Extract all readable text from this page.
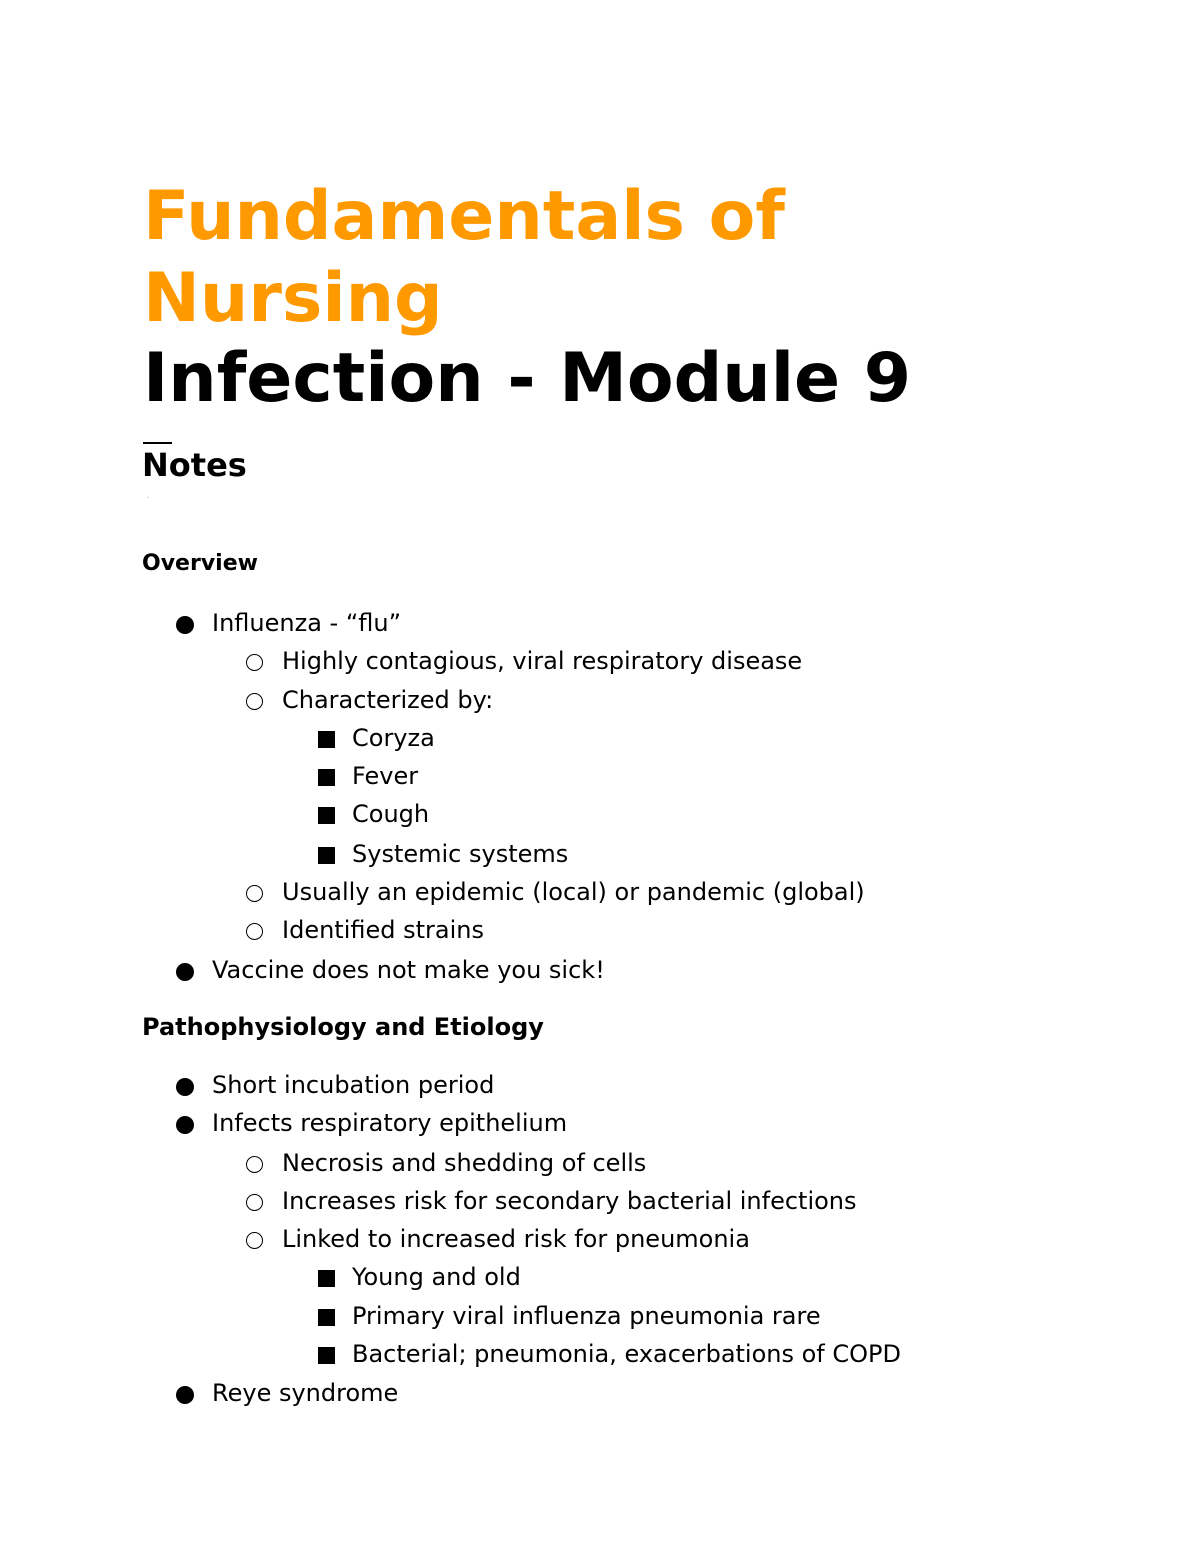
Fundamentals of Nursing
Infection - Module 9
Notes
Overview
Influenza - “flu”
Highly contagious, viral respiratory disease
Characterized by:
Coryza
Fever
Cough
Systemic systems
Usually an epidemic (local) or pandemic (global)
Identified strains
Vaccine does not make you sick!
Pathophysiology and Etiology
Short incubation period
Infects respiratory epithelium
Necrosis and shedding of cells
Increases risk for secondary bacterial infections
Linked to increased risk for pneumonia
Young and old
Primary viral influenza pneumonia rare
Bacterial; pneumonia, exacerbations of COPD
Reye syndrome
